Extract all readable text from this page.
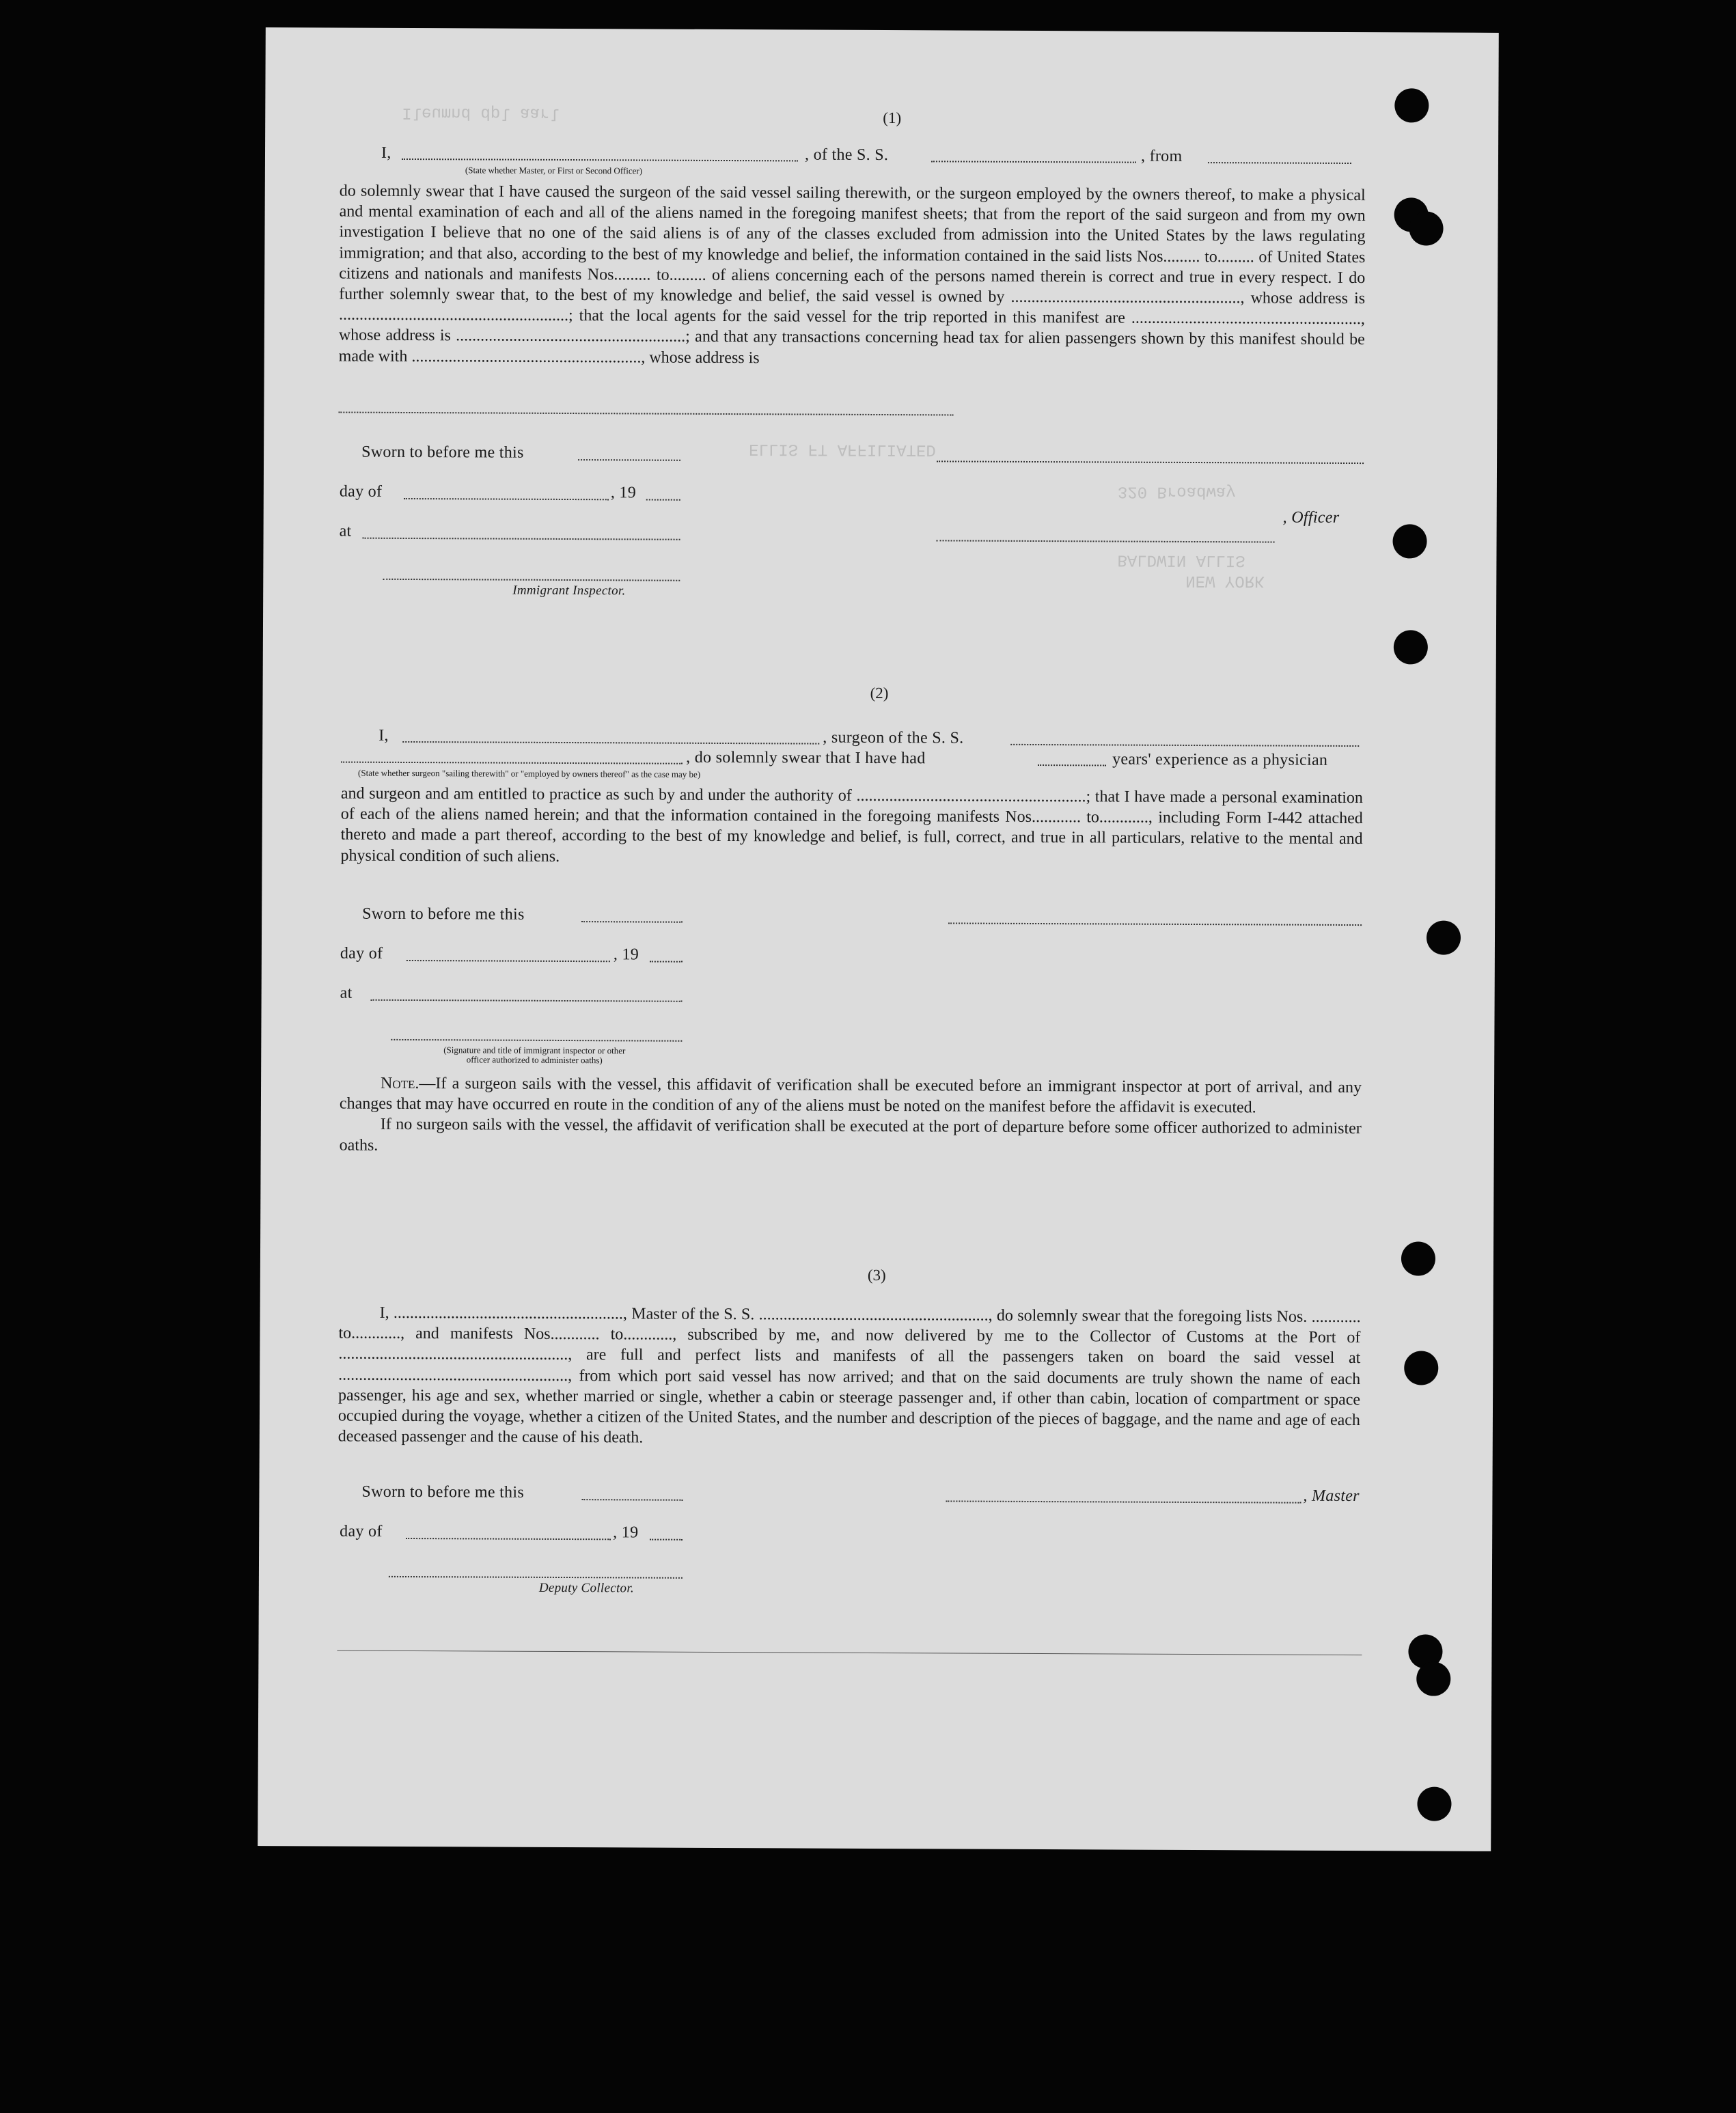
Ileumnd dpl aarl
ELLIS FT AFFILIATED
320 Broadway
BALDWIN ALLIS
NEW YORK
(1)
I,	, of the S. S.	, from
(State whether Master, or First or Second Officer)

do solemnly swear that I have caused the surgeon of the said vessel sailing therewith, or the surgeon employed by the owners thereof, to make a physical and mental examination of each and all of the aliens named in the foregoing manifest sheets; that from the report of the said surgeon and from my own investigation I believe that no one of the said aliens is of any of the classes excluded from admission into the United States by the laws regulating immigration; and that also, according to the best of my knowledge and belief, the information contained in the said lists Nos......... to......... of United States citizens and nationals and manifests Nos......... to......... of aliens concerning each of the persons named therein is correct and true in every respect. I do further solemnly swear that, to the best of my knowledge and belief, the said vessel is owned by ........................................................, whose address is ........................................................; that the local agents for the said vessel for the trip reported in this manifest are ........................................................, whose address is ........................................................; and that any transactions concerning head tax for alien passengers shown by this manifest should be made with ........................................................, whose address is

Sworn to before me this
day of	, 19
at
Immigrant Inspector.
, Officer
(2)
I,	, surgeon of the S. S.
, do solemnly swear that I have had	years' experience as a physician
(State whether surgeon "sailing therewith" or "employed by owners thereof" as the case may be)

and surgeon and am entitled to practice as such by and under the authority of ........................................................; that I have made a personal examination of each of the aliens named herein; and that the information contained in the foregoing manifests Nos............ to............, including Form I-442 attached thereto and made a part thereof, according to the best of my knowledge and belief, is full, correct, and true in all particulars, relative to the mental and physical condition of such aliens.

Sworn to before me this
day of	, 19
at
(Signature and title of immigrant inspector or other officer authorized to administer oaths)

Note.—If a surgeon sails with the vessel, this affidavit of verification shall be executed before an immigrant inspector at port of arrival, and any changes that may have occurred en route in the condition of any of the aliens must be noted on the manifest before the affidavit is executed.

If no surgeon sails with the vessel, the affidavit of verification shall be executed at the port of departure before some officer authorized to administer oaths.

(3)

I, ........................................................, Master of the S. S. ........................................................, do solemnly swear that the foregoing lists Nos. ............ to............, and manifests Nos............ to............, subscribed by me, and now delivered by me to the Collector of Customs at the Port of ........................................................, are full and perfect lists and manifests of all the passengers taken on board the said vessel at ........................................................, from which port said vessel has now arrived; and that on the said documents are truly shown the name of each passenger, his age and sex, whether married or single, whether a cabin or steerage passenger and, if other than cabin, location of compartment or space occupied during the voyage, whether a citizen of the United States, and the number and description of the pieces of baggage, and the name and age of each deceased passenger and the cause of his death.

Sworn to before me this	, Master
day of	, 19
Deputy Collector.
